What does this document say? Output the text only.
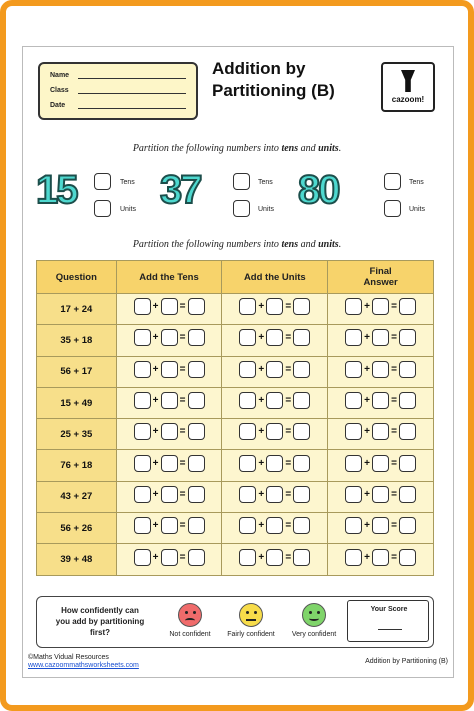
Name
Class
Date
Addition by
Partitioning (B)	cazoom!
Partition the following numbers into tens and units.
15	Tens
Units 37	Tens
Units 80	Tens
Units
Partition the following numbers into tens and units.
Question	Add the Tens	Add the Units	Final
Answer
17 + 24	+ =	+ =	+ =

35 + 18	+ =	+ =	+ =

56 + 17	+ =	+ =	+ =

15 + 49	+ =	+ =	+ =

25 + 35	+ =	+ =	+ =

76 + 18	+ =	+ =	+ =

43 + 27	+ =	+ =	+ =

56 + 26	+ =	+ =	+ =

39 + 48	+ =	+ =	+ =
How confidently can
you add by partitioning
first?	Not confident	Fairly confident	Very confident
Your Score
©Maths Vidual Resources
www.cazoommathsworksheets.com
Addition by Partitioning (B)
